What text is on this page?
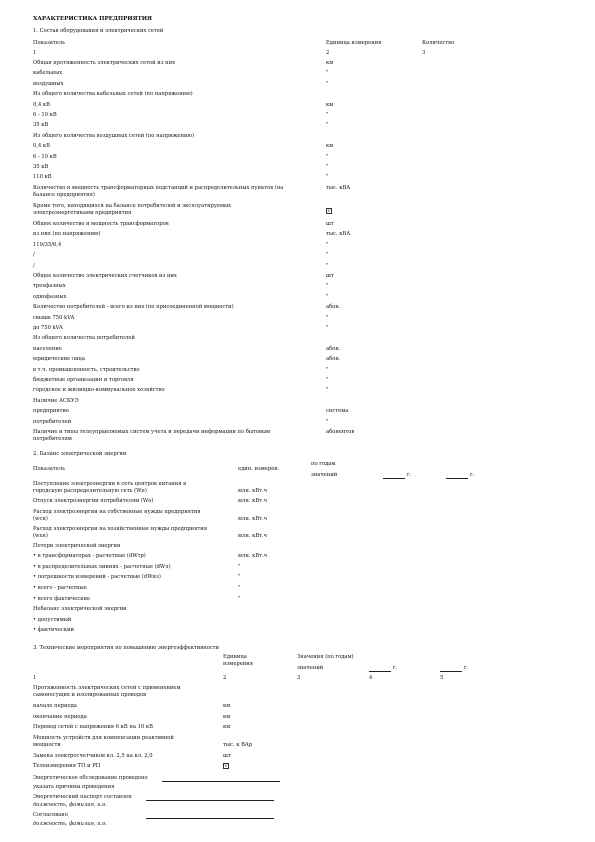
ХАРАКТЕРИСТИКА ПРЕДПРИЯТИЯ
1. Состав оборудования и электрических сетей
Показатель	Единица измерения	Количество
1	2	3
Общая протяженность электрических сетей из них	км
кабельных	"
воздушных	"
Из общего количества кабельных сетей (по напряжению)
0,4 кВ	км
6 - 10 кВ	"
35 кВ	"
Из общего количества воздушных сетей (по напряжению)
0,4 кВ	км
6 - 10 кВ	"
35 кВ	"
110 кВ	"
Количество и мощность трансформаторных подстанций и распределительных пунктов (на
балансе предприятия)
тыс. кВА
Кроме того, находящихся на балансе потребителей и эксплуатируемых
электроэнергетиками предприятия	V
Общее количество и мощность трансформаторов	шт
из них (по напряжению)	тыс. кВА
110/35/6,4	"
/	"
/	"
Общее количество электрических счетчиков из них	шт
трехфазных	"
однофазных	"
Количество потребителей - всего из них (по присоединенной мощности)	абон.
свыше 750 kVA	"
до 750 kVA	"
Из общего количества потребителей
население	абон.
юридические лица	абон.
в т.ч. промышленность, строительство	"
бюджетные организации и торговля	"
городское и жилищно-коммунальное хозяйство	"
Наличие АСКУЭ
предприятие	система
потребителей	"
Наличие и типы телеуправляемых систем учета и передачи информации по бытовым
потребителям
абонентов
2. Баланс электрической энергии
Показатель	един. измерен.
по годам
значений	г.	г.
Поступление электроэнергии в сеть центров питания в
городскую распределительную сеть (Wп)	млн. кВт.ч
Отпуск электроэнергии потребителям (Wо)	млн. кВт.ч
Расход электроэнергии на собственные нужды предприятия
(wсн)	млн. кВт.ч
Расход электроэнергии на хозяйственные нужды предприятия
(wхн)	млн. кВт.ч
Потери электрической энергии
• в трансформаторах - расчетные (dWтр)	млн. кВт.ч
• в распределительных линиях - расчетные (dWл)	"
• погрешности измерений - расчетные (dWиз)	"
• всего - расчетные	"
• всего фактические	"
Небаланс электрической энергии
• допустимый
• фактический
3. Технические мероприятия по повышению энергоэффективности
Единица
измерения
Значения (по годам)
значений	г.	г.
1	2	3	4	5
Протяженность электрических сетей с применением
самонесущих и изолированных проводов
начало периода	км
окончание периода	км
Перевод сетей с напряжения 6 кВ на 10 кВ	км
Мощность устройств для компенсации реактивной
мощности	тыс. к ВАр
Замена электросчетчиков кл. 2,5 на кл. 2,0	шт
Телеизмерения ТП и РП	V
Энергетическое обследование проведено
указать причины проведения
Энергетический паспорт составлен
должность, фамилия, и.о.
Согласовано
должность, фамилия, и.о.
